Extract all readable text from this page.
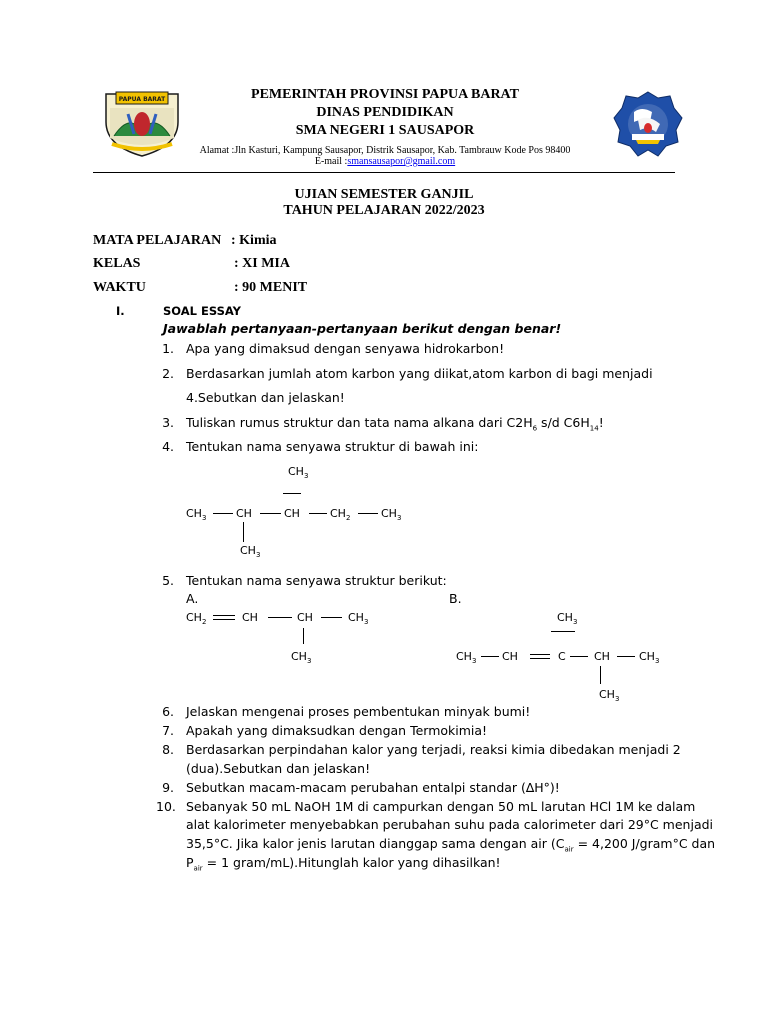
PAPUA BARAT	PEMERINTAH PROVINSI PAPUA BARAT
DINAS PENDIDIKAN
SMA NEGERI 1 SAUSAPOR
Alamat :Jln Kasturi, Kampung Sausapor, Distrik Sausapor, Kab. Tambrauw Kode Pos 98400
E-mail :smansausapor@gmail.com
UJIAN SEMESTER GANJIL
TAHUN PELAJARAN 2022/2023
MATA PELAJARAN : Kimia
KELAS	: XI MIA
WAKTU	: 90 MENIT
I.	SOAL ESSAY
Jawablah pertanyaan-pertanyaan berikut dengan benar!
1. Apa yang dimaksud dengan senyawa hidrokarbon!
2. Berdasarkan jumlah atom karbon yang diikat,atom karbon di bagi menjadi
4.Sebutkan dan jelaskan!
3. Tuliskan rumus struktur dan tata nama alkana dari $C2H_6$ s/d $C6H_{14}$!
4. Tentukan nama senyawa struktur di bawah ini:
$CH_3$
$CH_3$	CH	CH	$CH_2$	$CH_3$
$CH_3$
5. Tentukan nama senyawa struktur berikut:
A.	B.
$CH_2$	CH	CH	$CH_3$
$CH_3$
$CH_3$
$CH_3$ CH	C	CH	$CH_3$
$CH_3$
6. Jelaskan mengenai proses pembentukan minyak bumi!
7. Apakah yang dimaksudkan dengan Termokimia!
8. Berdasarkan perpindahan kalor yang terjadi, reaksi kimia dibedakan menjadi 2
(dua).Sebutkan dan jelaskan!
9. Sebutkan macam-macam perubahan entalpi standar (∆H°)!
10. Sebanyak 50 mL NaOH 1M di campurkan dengan 50 mL larutan HCl 1M ke dalam
alat kalorimeter menyebabkan perubahan suhu pada calorimeter dari 29°C menjadi
35,5°C. Jika kalor jenis larutan dianggap sama dengan air ($C_{air} = 4,200$ J/gram°C dan
$P_{air} = 1$ gram/mL).Hitunglah kalor yang dihasilkan!
